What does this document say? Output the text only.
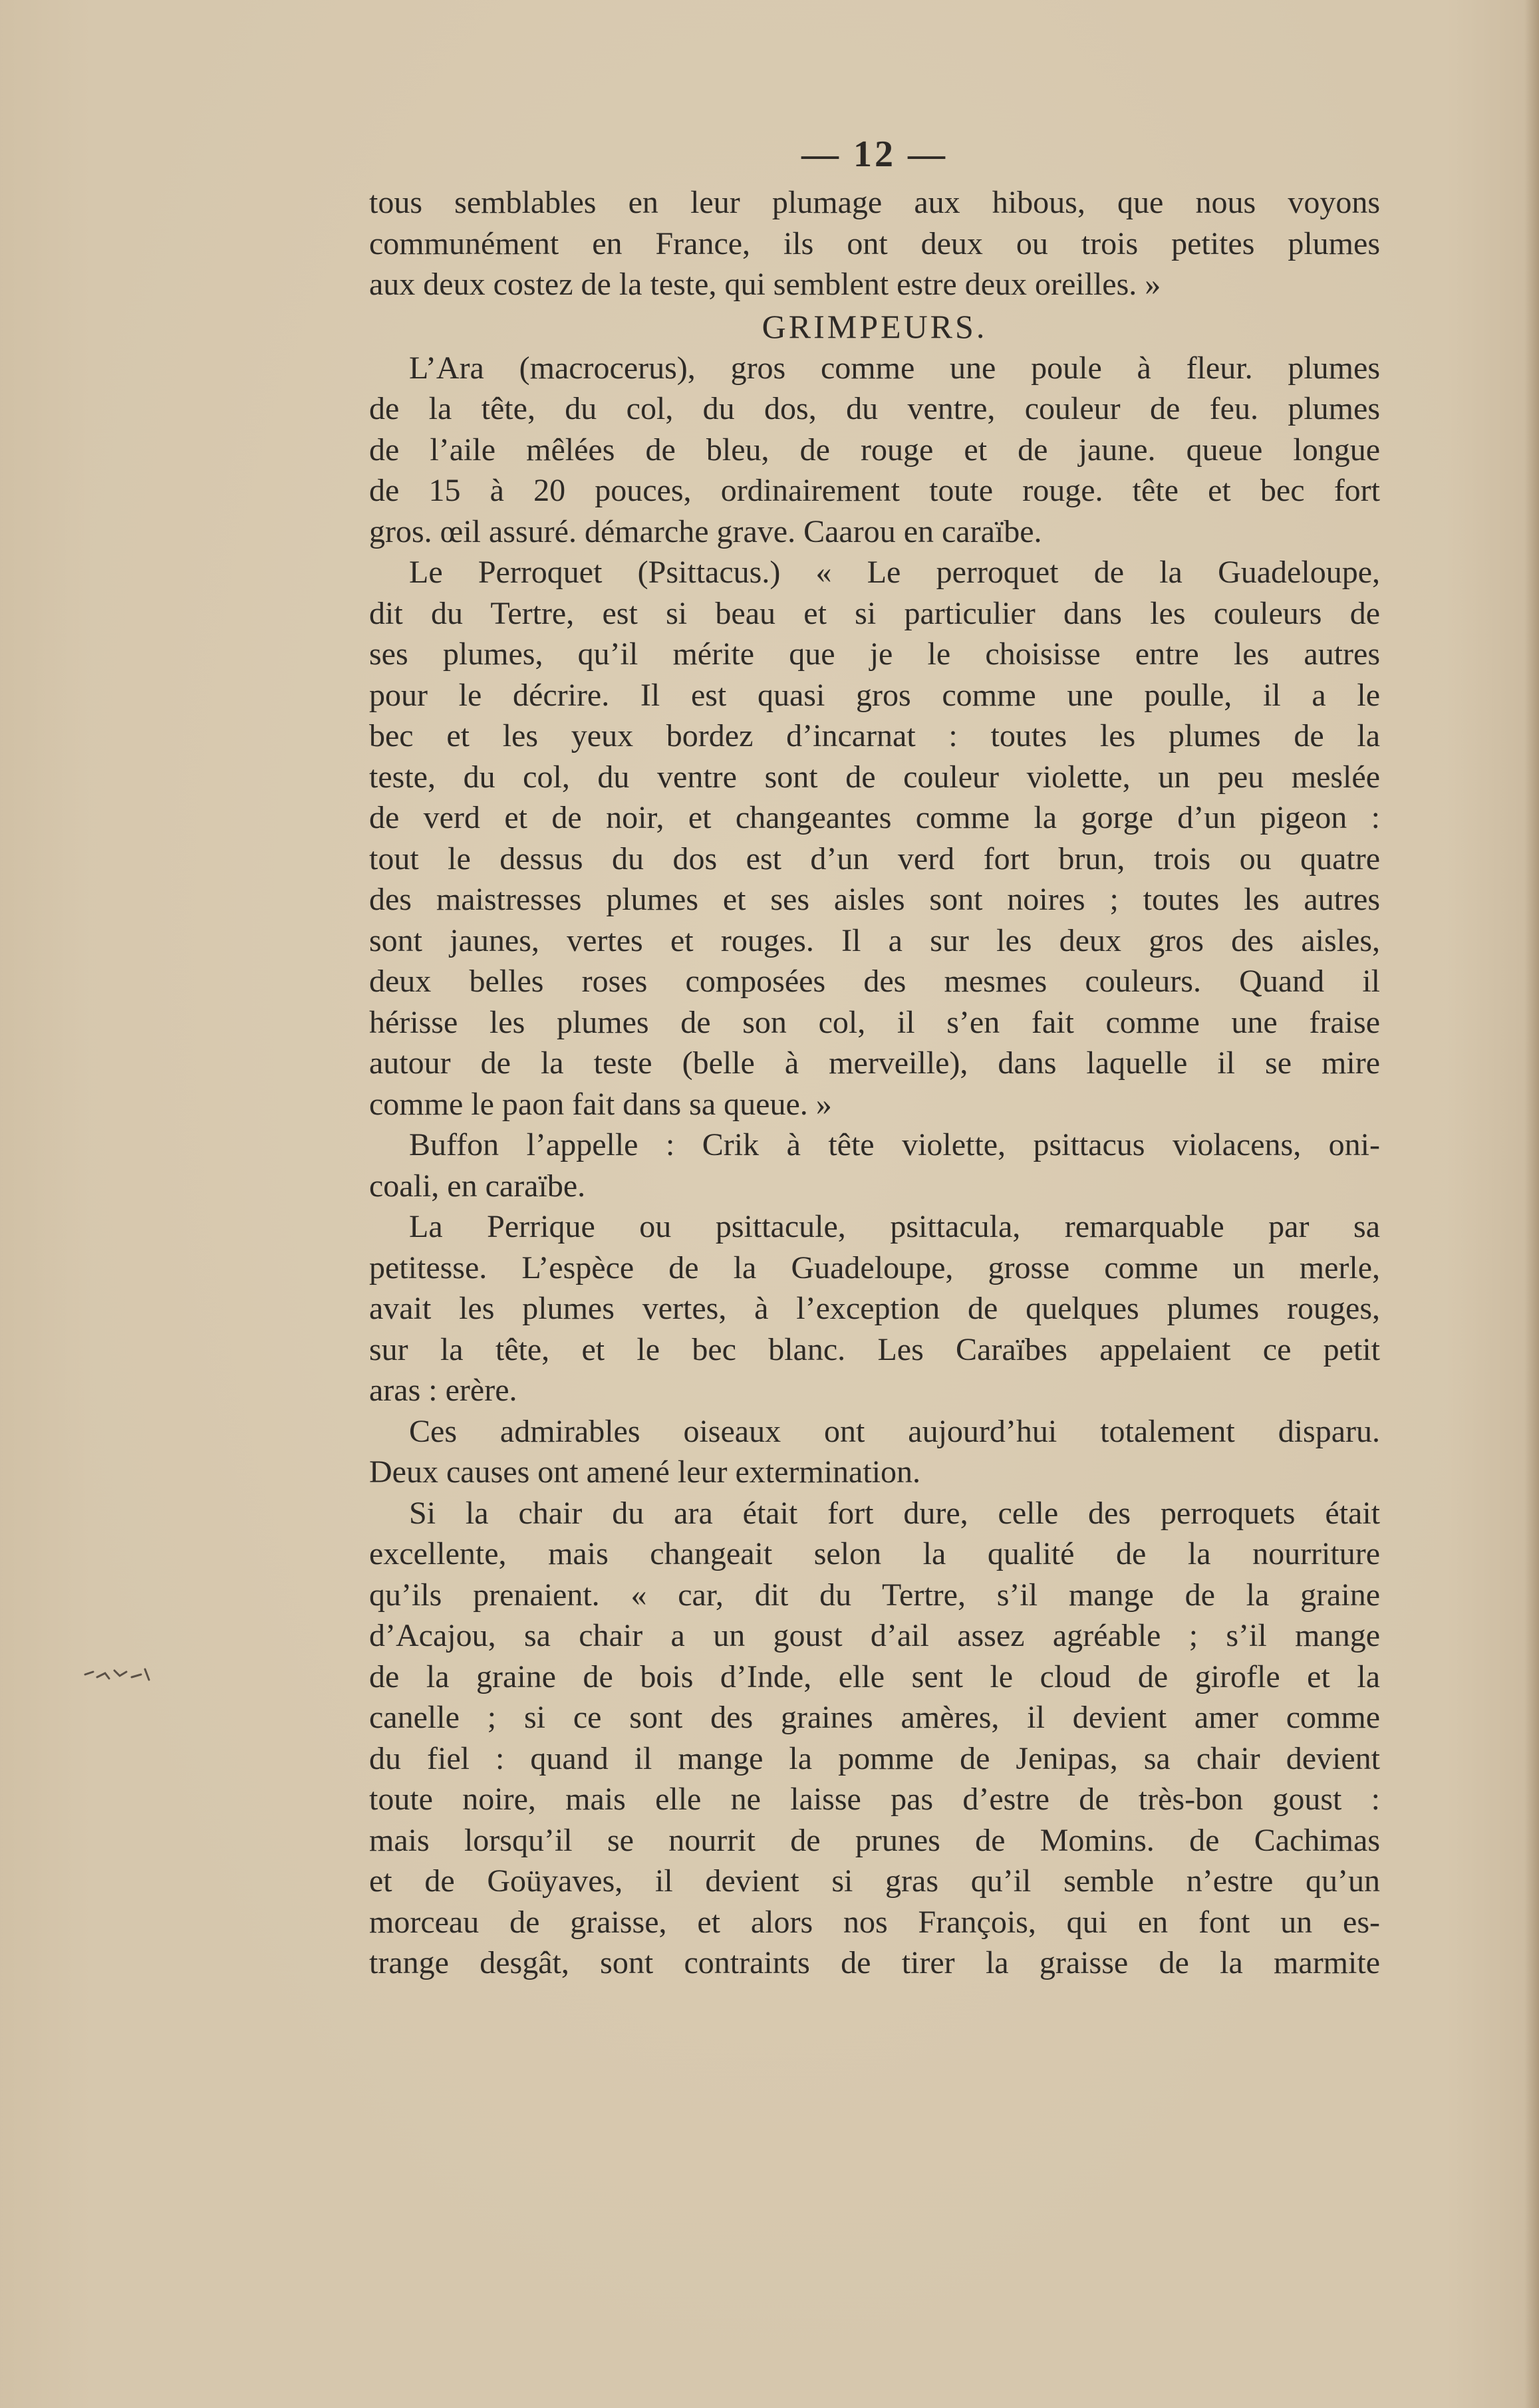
— 12 —
tous semblables en leur plumage aux hibous, que nous voyons
communément en France, ils ont deux ou trois petites plumes
aux deux costez de la teste, qui semblent estre deux oreilles. »
GRIMPEURS.
L’Ara (macrocerus), gros comme une poule à fleur. plumes
de la tête, du col, du dos, du ventre, couleur de feu. plumes
de l’aile mêlées de bleu, de rouge et de jaune. queue longue
de 15 à 20 pouces, ordinairement toute rouge. tête et bec fort
gros. œil assuré. démarche grave. Caarou en caraïbe.
Le Perroquet (Psittacus.) « Le perroquet de la Guadeloupe,
dit du Tertre, est si beau et si particulier dans les couleurs de
ses plumes, qu’il mérite que je le choisisse entre les autres
pour le décrire. Il est quasi gros comme une poulle, il a le
bec et les yeux bordez d’incarnat : toutes les plumes de la
teste, du col, du ventre sont de couleur violette, un peu meslée
de verd et de noir, et changeantes comme la gorge d’un pigeon :
tout le dessus du dos est d’un verd fort brun, trois ou quatre
des maistresses plumes et ses aisles sont noires ; toutes les autres
sont jaunes, vertes et rouges. Il a sur les deux gros des aisles,
deux belles roses composées des mesmes couleurs. Quand il
hérisse les plumes de son col, il s’en fait comme une fraise
autour de la teste (belle à merveille), dans laquelle il se mire
comme le paon fait dans sa queue. »
Buffon l’appelle : Crik à tête violette, psittacus violacens, oni-
coali, en caraïbe.
La Perrique ou psittacule, psittacula, remarquable par sa
petitesse. L’espèce de la Guadeloupe, grosse comme un merle,
avait les plumes vertes, à l’exception de quelques plumes rouges,
sur la tête, et le bec blanc. Les Caraïbes appelaient ce petit
aras : erère.
Ces admirables oiseaux ont aujourd’hui totalement disparu.
Deux causes ont amené leur extermination.
Si la chair du ara était fort dure, celle des perroquets était
excellente, mais changeait selon la qualité de la nourriture
qu’ils prenaient. « car, dit du Tertre, s’il mange de la graine
d’Acajou, sa chair a un goust d’ail assez agréable ; s’il mange
de la graine de bois d’Inde, elle sent le cloud de girofle et la
canelle ; si ce sont des graines amères, il devient amer comme
du fiel : quand il mange la pomme de Jenipas, sa chair devient
toute noire, mais elle ne laisse pas d’estre de très-bon goust :
mais lorsqu’il se nourrit de prunes de Momins. de Cachimas
et de Goüyaves, il devient si gras qu’il semble n’estre qu’un
morceau de graisse, et alors nos François, qui en font un es-
trange desgât, sont contraints de tirer la graisse de la marmite
